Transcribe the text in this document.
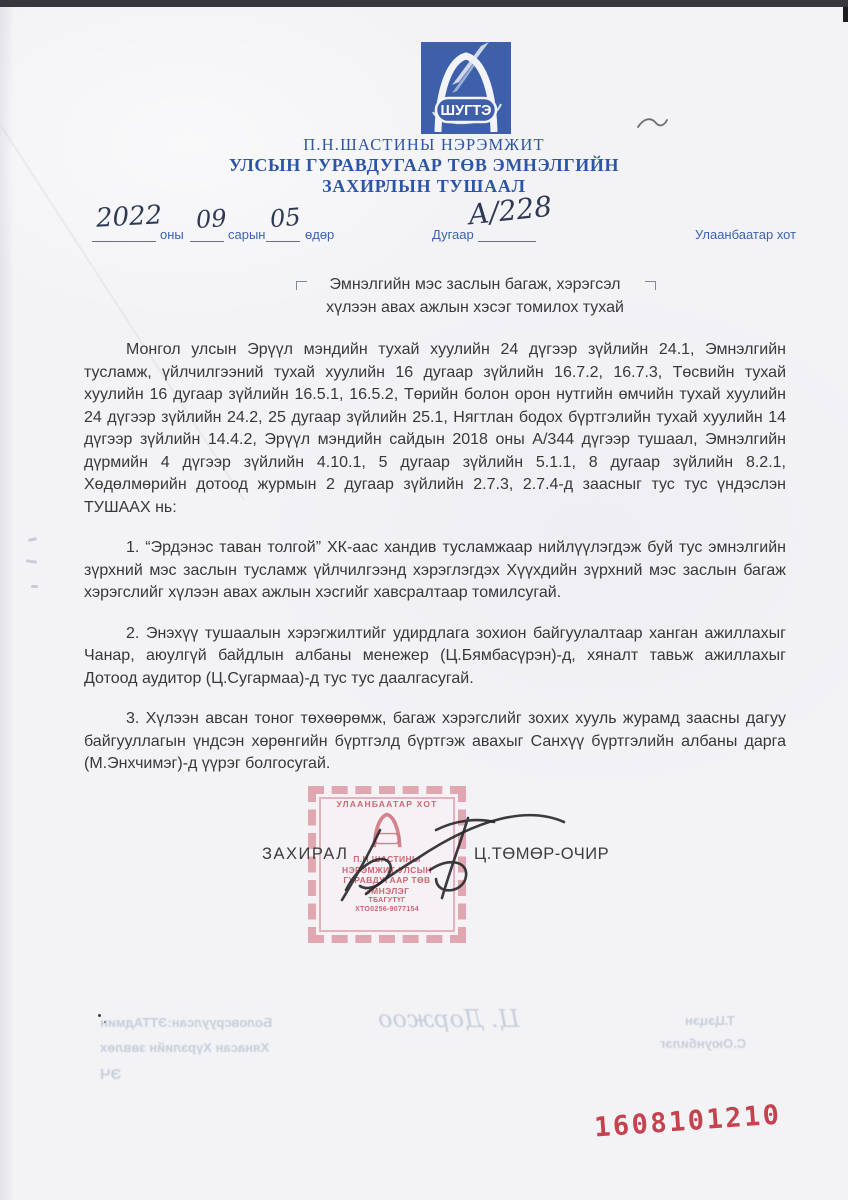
ШУГТЭ
П.Н.ШАСТИНЫ НЭРЭМЖИТ
УЛСЫН ГУРАВДУГААР ТӨВ ЭМНЭЛГИЙН
ЗАХИРЛЫН ТУШААЛ
2022
оны
09
сарын
05
өдөр	Дугаар
А/228
Улаанбаатар хот
Эмнэлгийн мэс заслын багаж, хэрэгсэл
хүлээн авах ажлын хэсэг томилох тухай

Монгол улсын Эрүүл мэндийн тухай хуулийн 24 дүгээр зүйлийн 24.1, Эмнэлгийн тусламж, үйлчилгээний тухай хуулийн 16 дугаар зүйлийн 16.7.2, 16.7.3, Төсвийн тухай хуулийн 16 дугаар зүйлийн 16.5.1, 16.5.2, Төрийн болон орон нутгийн өмчийн тухай хуулийн 24 дүгээр зүйлийн 24.2, 25 дугаар зүйлийн 25.1, Нягтлан бодох бүртгэлийн тухай хуулийн 14 дүгээр зүйлийн 14.4.2, Эрүүл мэндийн сайдын 2018 оны А/344 дүгээр тушаал, Эмнэлгийн дүрмийн 4 дүгээр зүйлийн 4.10.1, 5 дугаар зүйлийн 5.1.1, 8 дугаар зүйлийн 8.2.1, Хөдөлмөрийн дотоод журмын 2 дугаар зүйлийн 2.7.3, 2.7.4-д заасныг тус тус үндэслэн ТУШААХ нь:

1. “Эрдэнэс таван толгой” ХК-аас хандив тусламжаар нийлүүлэгдэж буй тус эмнэлгийн зүрхний мэс заслын тусламж үйлчилгээнд хэрэглэгдэх Хүүхдийн зүрхний мэс заслын багаж хэрэгслийг хүлээн авах ажлын хэсгийг хавсралтаар томилсугай.

2. Энэхүү тушаалын хэрэгжилтийг удирдлага зохион байгуулалтаар ханган ажиллахыг Чанар, аюулгүй байдлын албаны менежер (Ц.Бямбасүрэн)-д, хяналт тавьж ажиллахыг Дотоод аудитор (Ц.Сугармаа)-д тус тус даалгасугай.

3. Хүлээн авсан тоног төхөөрөмж, багаж хэрэгслийг зохих хууль журамд заасны дагуу байгууллагын үндсэн хөрөнгийн бүртгэлд бүртгэж авахыг Санхүү бүртгэлийн албаны дарга (М.Энхчимэг)-д үүрэг болгосугай.

УЛААНБААТАР ХОТ
П.Н.ШАСТИНЫ
НЭРЭМЖИТ·УЛСЫН
ГУРАВДУГААР ТӨВ
ЭМНЭЛЭГ
ТБАГУТҮГ
ХТО0256-9077154
ЗАХИРАЛ	Ц.ТӨМӨР-ОЧИР
Боловсруулсан:ЭТТАдмин
Хянасан Хүрэлийн зөвлөх
ЭЧ
Ц. Доржоо	Т.Цэцэн
С.Оюунбилэг
1608101210
